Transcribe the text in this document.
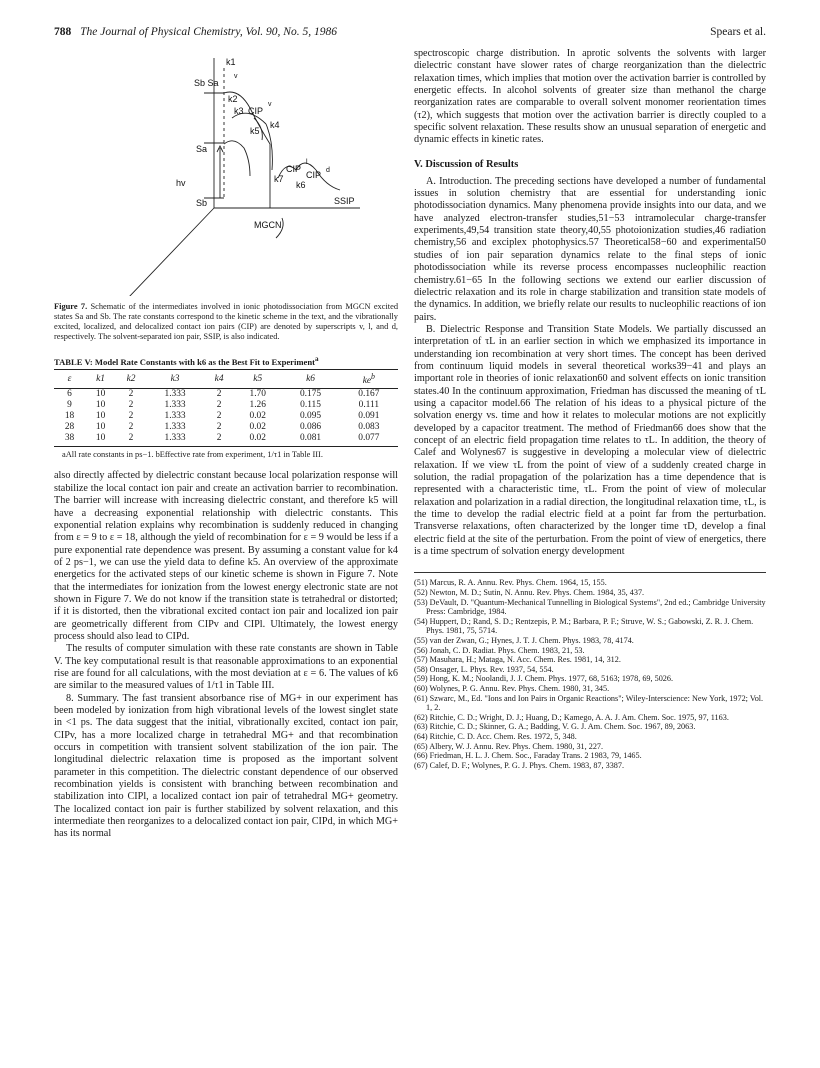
788 The Journal of Physical Chemistry, Vol. 90, No. 5, 1986	Spears et al.
k1
Sb Sa
v
k2
k3 CIP
v
k5
k4
Sa
hv
Sb
CIP
l
CIP d
k7
k6
SSIP
MGCN

Figure 7. Schematic of the intermediates involved in ionic photodissociation from MGCN excited states Sa and Sb. The rate constants correspond to the kinetic scheme in the text, and the vibrationally excited, localized, and delocalized contact ion pairs (CIP) are denoted by superscripts v, l, and d, respectively. The solvent-separated ion pair, SSIP, is also indicated.

TABLE V: Model Rate Constants with k6 as the Best Fit to Experiment$^a$
ε	k1	k2	k3	k4	k5	k6	$ke^b$
6	10	2	1.333	2	1.70	0.175	0.167
9	10	2	1.333	2	1.26	0.115	0.111
18	10	2	1.333	2	0.02	0.095	0.091
28	10	2	1.333	2	0.02	0.086	0.083
38	10	2	1.333	2	0.02	0.081	0.077

aAll rate constants in ps−1. bEffective rate from experiment, 1/τ1 in Table III.

also directly affected by dielectric constant because local polarization response will stabilize the local contact ion pair and create an activation barrier to recombination. The barrier will increase with increasing dielectric constant, and therefore k5 will have a decreasing exponential relationship with dielectric constants. This exponential relation explains why recombination is suddenly reduced in changing from ε = 9 to ε = 18, although the yield of recombination for ε = 9 would be less if a pure exponential rate dependence was present. By assuming a constant value for k4 of 2 ps−1, we can use the yield data to define k5. An overview of the approximate energetics for the activated steps of our kinetic scheme is shown in Figure 7. Note that the intermediates for ionization from the lowest energy electronic state are not shown in Figure 7. We do not know if the transition state is tetrahedral or distorted; if it is distorted, then the vibrational excited contact ion pair and localized ion pair are geometrically different from CIPv and CIPl. Ultimately, the lowest energy process should also lead to CIPd.

The results of computer simulation with these rate constants are shown in Table V. The key computational result is that reasonable approximations to an exponential rise are found for all calculations, with the most deviation at ε = 6. The values of k6 are similar to the measured values of 1/τ1 in Table III.

8. Summary. The fast transient absorbance rise of MG+ in our experiment has been modeled by ionization from high vibrational levels of the lowest singlet state in <1 ps. The data suggest that the initial, vibrationally excited, contact ion pair, CIPv, has a more localized charge in tetrahedral MG+ and that recombination occurs in competition with transient solvent stabilization of the ion pair. The longitudinal dielectric relaxation time is proposed as the important solvent parameter in this competition. The dielectric constant dependence of our observed recombination yields is consistent with branching between recombination and stabilization into CIPl, a localized contact ion pair of tetrahedral MG+ geometry. The localized contact ion pair is further stabilized by solvent relaxation, and this intermediate then reorganizes to a delocalized contact ion pair, CIPd, in which MG+ has its normal

spectroscopic charge distribution. In aprotic solvents the solvents with larger dielectric constant have slower rates of charge reorganization than the dielectric relaxation times, which implies that motion over the activation barrier is controlled by energetic effects. In alcohol solvents of greater size than methanol the charge reorganization rates are comparable to overall solvent monomer reorientation times (τ2), which suggests that motion over the activation barrier is directly coupled to a specific solvent relaxation. These results show an unusual separation of energetic and dynamic effects in kinetic rates.

V. Discussion of Results

A. Introduction. The preceding sections have developed a number of fundamental issues in solution chemistry that are essential for understanding ionic photodissociation dynamics. Many phenomena provide insights into our data, and we have analyzed electron-transfer studies,51−53 intramolecular charge-transfer experiments,49,54 transition state theory,40,55 photoionization studies,46 radiation chemistry,56 and exciplex photophysics.57 Theoretical58−60 and experimental50 studies of ion pair separation dynamics relate to the final steps of ionic photodissociation while its reverse process encompasses nucleophilic reaction chemistry.61−65 In the following sections we extend our earlier discussion of dielectric relaxation and its role in charge stabilization and transition state models of the dynamics. In addition, we briefly relate our results to nucleophilic reactions of ion pairs.

B. Dielectric Response and Transition State Models. We partially discussed an interpretation of τL in an earlier section in which we emphasized its importance in understanding ion recombination at very short times. The concept has been derived from continuum liquid models in several theoretical works39−41 and plays an important role in theories of ionic relaxation60 and solvent effects on ionic transition states.40 In the continuum approximation, Friedman has discussed the meaning of τL using a capacitor model.66 The relation of his ideas to a physical picture of the solvation energy vs. time and how it relates to molecular motions are not explicitly developed by a capacitor treatment. The method of Friedman66 does show that the concept of an electric field propagation time relates to τL. In addition, the theory of Calef and Wolynes67 is suggestive in developing a molecular view of dielectric relaxation. If we view τL from the point of view of a suddenly created charge in solution, the radial propagation of the polarization has a time dependence that is represented with a characteristic time, τL. From the point of view of molecular relaxation and polarization in a radial direction, the longitudinal relaxation time, τL, is the time to develop the radial electric field at a point far from the perturbation. Transverse relaxations, often characterized by the longer time τD, develop a final electric field at the site of the perturbation. From the point of view of energetics, there is a time spectrum of solvation energy development

(51) Marcus, R. A. Annu. Rev. Phys. Chem. 1964, 15, 155.

(52) Newton, M. D.; Sutin, N. Annu. Rev. Phys. Chem. 1984, 35, 437.

(53) DeVault, D. "Quantum-Mechanical Tunnelling in Biological Systems", 2nd ed.; Cambridge University Press: Cambridge, 1984.

(54) Huppert, D.; Rand, S. D.; Rentzepis, P. M.; Barbara, P. F.; Struve, W. S.; Gabowski, Z. R. J. Chem. Phys. 1981, 75, 5714.

(55) van der Zwan, G.; Hynes, J. T. J. Chem. Phys. 1983, 78, 4174.

(56) Jonah, C. D. Radiat. Phys. Chem. 1983, 21, 53.

(57) Masuhara, H.; Mataga, N. Acc. Chem. Res. 1981, 14, 312.

(58) Onsager, L. Phys. Rev. 1937, 54, 554.

(59) Hong, K. M.; Noolandi, J. J. Chem. Phys. 1977, 68, 5163; 1978, 69, 5026.

(60) Wolynes, P. G. Annu. Rev. Phys. Chem. 1980, 31, 345.

(61) Szwarc, M., Ed. "Ions and Ion Pairs in Organic Reactions"; Wiley-Interscience: New York, 1972; Vol. 1, 2.

(62) Ritchie, C. D.; Wright, D. J.; Huang, D.; Kamego, A. A. J. Am. Chem. Soc. 1975, 97, 1163.

(63) Ritchie, C. D.; Skinner, G. A.; Badding, V. G. J. Am. Chem. Soc. 1967, 89, 2063.

(64) Ritchie, C. D. Acc. Chem. Res. 1972, 5, 348.

(65) Albery, W. J. Annu. Rev. Phys. Chem. 1980, 31, 227.

(66) Friedman, H. L. J. Chem. Soc., Faraday Trans. 2 1983, 79, 1465.

(67) Calef, D. F.; Wolynes, P. G. J. Phys. Chem. 1983, 87, 3387.
